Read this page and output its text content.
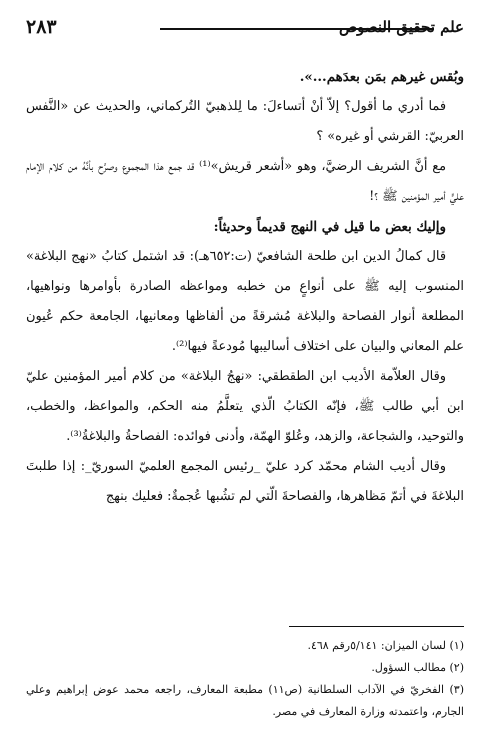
علم تحقيق النصوص
٢٨٣

وبُقس غيرهم بمَن بعدَهم...».

فما أدري ما أقول؟ إلاّ أنْ أتساءلَ: ما لِلذهبيّ التُركماني، والحديث عن «النَّفس العربيّ: القرشي أو غيره» ؟

مع أنَّ الشريف الرضيَّ، وهو «أشعر قريش»⁽¹⁾ قد جمع هذا المجموع وصرَّح بأنَّهُ من كلام الإمام عليٍّ أمير المؤمنين ﷺ ؟!

وإليك بعض ما قيل في النهج قديماً وحديثاً:

قال كمالُ الدين ابن طلحة الشافعيّ (ت:٦٥٢هـ): قد اشتمل كتابُ «نهج البلاغة» المنسوب إليه ﷺ على أنواعٍ من خطبه ومواعظه الصادرة بأوامرها ونواهيها، المطلعة أنوار الفصاحة والبلاغة مُشرقةً من ألفاظها ومعانيها، الجامعة حكم عُيون علم المعاني والبيان على اختلاف أساليبها مُودعةً فيها⁽²⁾.

وقال العلاّمة الأديب ابن الطقطقي: «نهجُ البلاغة» من كلام أمير المؤمنين عليّ ابن أبي طالب ﷺ، فإنّه الكتابُ الّذي يتعلَّمُ منه الحكم، والمواعظ، والخطب، والتوحيد، والشجاعة، والزهد، وعُلوّ الهمّة، وأدنى فوائده: الفصاحةُ والبلاغةُ⁽³⁾.

وقال أديب الشام محمّد كرد عليّ _رئيس المجمع العلميّ السوريّ_: إذا طلبتَ البلاغةَ في أتمّ مَظاهرها، والفصاحةَ الّتي لم تشُبها عُجمةٌ: فعليك بنهج

(١) لسان الميزان: ٥/١٤١رقم ٤٦٨.

(٢) مطالب السؤول.

(٣) الفخريّ في الآداب السلطانية (ص١١) مطبعة المعارف، راجعه محمد عوض إبراهيم وعلي الجارم، واعتمدته وزارة المعارف في مصر.
